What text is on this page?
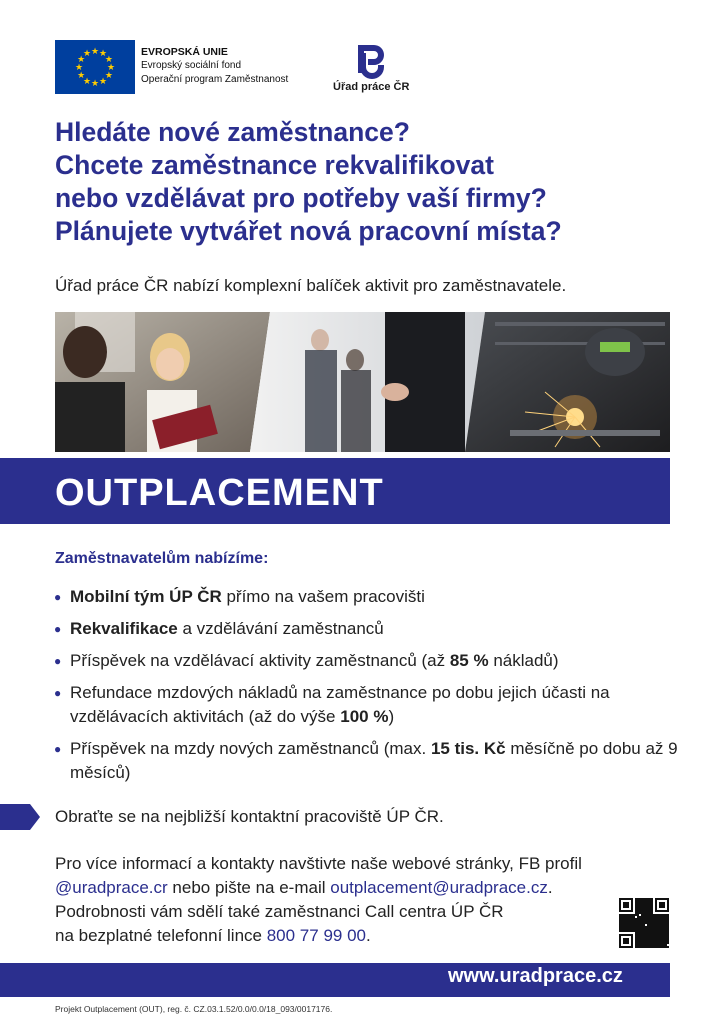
★
★
★
★
★
★
★
★
★ ★ ★
★
EVROPSKÁ UNIE
Evropský sociální fond
Operační program Zaměstnanost
Úřad práce ČR
Hledáte nové zaměstnance?
Chcete zaměstnance rekvalifikovat
nebo vzdělávat pro potřeby vaší firmy?
Plánujete vytvářet nová pracovní místa?
Úřad práce ČR nabízí komplexní balíček aktivit pro zaměstnavatele.
OUTPLACEMENT
Zaměstnavatelům nabízíme:
● Mobilní tým ÚP ČR přímo na vašem pracovišti
● Rekvalifikace a vzdělávání zaměstnanců
● Příspěvek na vzdělávací aktivity zaměstnanců (až 85 % nákladů)
● Refundace mzdových nákladů na zaměstnance po dobu jejich účasti na vzdělávacích aktivitách (až do výše 100 %)
● Příspěvek na mzdy nových zaměstnanců (max. 15 tis. Kč měsíčně po dobu až 9 měsíců)
Obraťte se na nejbližší kontaktní pracoviště ÚP ČR.
Pro více informací a kontakty navštivte naše webové stránky, FB profil
@uradprace.cr nebo pište na e-mail outplacement@uradprace.cz.
Podrobnosti vám sdělí také zaměstnanci Call centra ÚP ČR
na bezplatné telefonní lince 800 77 99 00.
www.uradprace.cz
Projekt Outplacement (OUT), reg. č. CZ.03.1.52/0.0/0.0/18_093/0017176.
